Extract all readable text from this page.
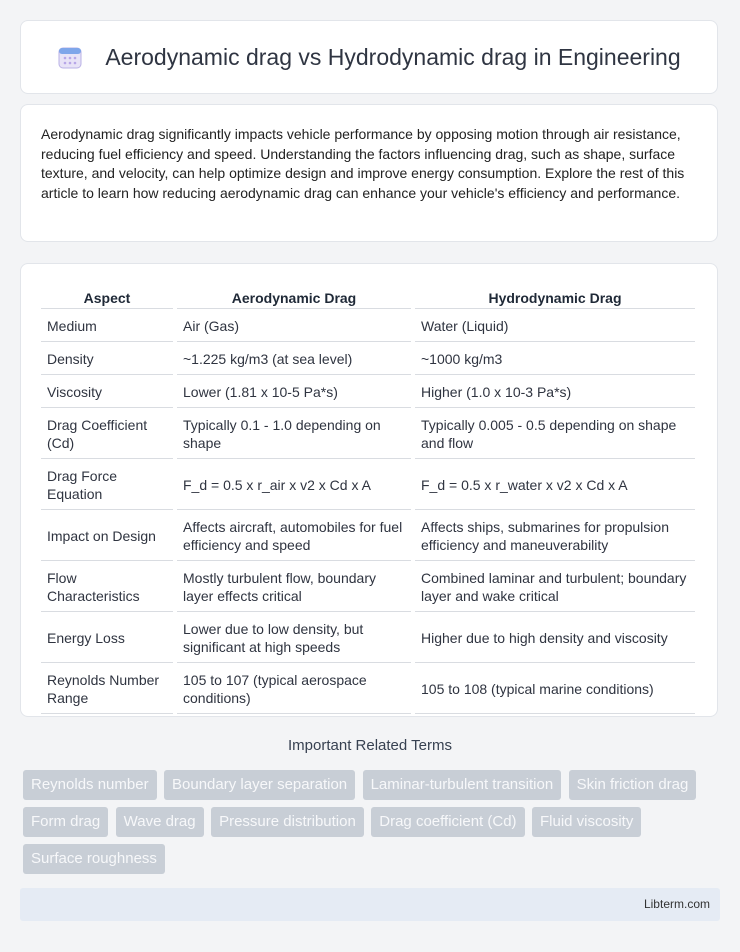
Aerodynamic drag vs Hydrodynamic drag in Engineering

Aerodynamic drag significantly impacts vehicle performance by opposing motion through air resistance, reducing fuel efficiency and speed. Understanding the factors influencing drag, such as shape, surface texture, and velocity, can help optimize design and improve energy consumption. Explore the rest of this article to learn how reducing aerodynamic drag can enhance your vehicle's efficiency and performance.

Aspect	Aerodynamic Drag	Hydrodynamic Drag
Medium	Air (Gas)	Water (Liquid)
Density	~1.225 kg/m3 (at sea level)	~1000 kg/m3
Viscosity	Lower (1.81 x 10-5 Pa*s)	Higher (1.0 x 10-3 Pa*s)
Drag Coefficient (Cd)	Typically 0.1 - 1.0 depending on shape	Typically 0.005 - 0.5 depending on shape and flow
Drag Force Equation	F_d = 0.5 x r_air x v2 x Cd x A	F_d = 0.5 x r_water x v2 x Cd x A
Impact on Design	Affects aircraft, automobiles for fuel efficiency and speed	Affects ships, submarines for propulsion efficiency and maneuverability
Flow Characteristics	Mostly turbulent flow, boundary layer effects critical	Combined laminar and turbulent; boundary layer and wake critical
Energy Loss	Lower due to low density, but significant at high speeds	Higher due to high density and viscosity
Reynolds Number Range	105 to 107 (typical aerospace conditions)	105 to 108 (typical marine conditions)
Important Related Terms
Reynolds number Boundary layer separation Laminar-turbulent transition Skin friction drag Form drag Wave drag Pressure distribution Drag coefficient (Cd) Fluid viscosity Surface roughness
Libterm.com
